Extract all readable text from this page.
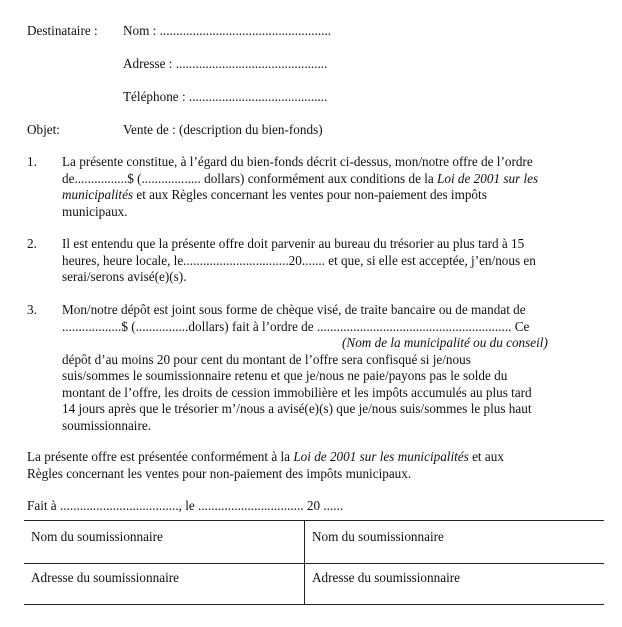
Destinataire : Nom : ....................................................
Adresse : ..............................................
Téléphone : ..........................................
Objet:	Vente de : (description du bien-fonds)
1. La présente constitue, à l’égard du bien-fonds décrit ci-dessus, mon/notre offre de l’ordre
de................$ (.................. dollars) conformément aux conditions de la Loi de 2001 sur les
municipalités et aux Règles concernant les ventes pour non-paiement des impôts
municipaux.
2. Il est entendu que la présente offre doit parvenir au bureau du trésorier au plus tard à 15
heures, heure locale, le................................20....... et que, si elle est acceptée, j’en/nous en
serai/serons avisé(e)(s).
3. Mon/notre dépôt est joint sous forme de chèque visé, de traite bancaire ou de mandat de
..................$ (................dollars) fait à l’ordre de ........................................................... Ce
(Nom de la municipalité ou du conseil)
dépôt d’au moins 20 pour cent du montant de l’offre sera confisqué si je/nous
suis/sommes le soumissionnaire retenu et que je/nous ne paie/payons pas le solde du
montant de l’offre, les droits de cession immobilière et les impôts accumulés au plus tard
14 jours après que le trésorier m’/nous a avisé(e)(s) que je/nous suis/sommes le plus haut
soumissionnaire.
La présente offre est présentée conformément à la Loi de 2001 sur les municipalités et aux
Règles concernant les ventes pour non-paiement des impôts municipaux.
Fait à ...................................., le ................................ 20 ......
Nom du soumissionnaire	Nom du soumissionnaire
Adresse du soumissionnaire	Adresse du soumissionnaire
